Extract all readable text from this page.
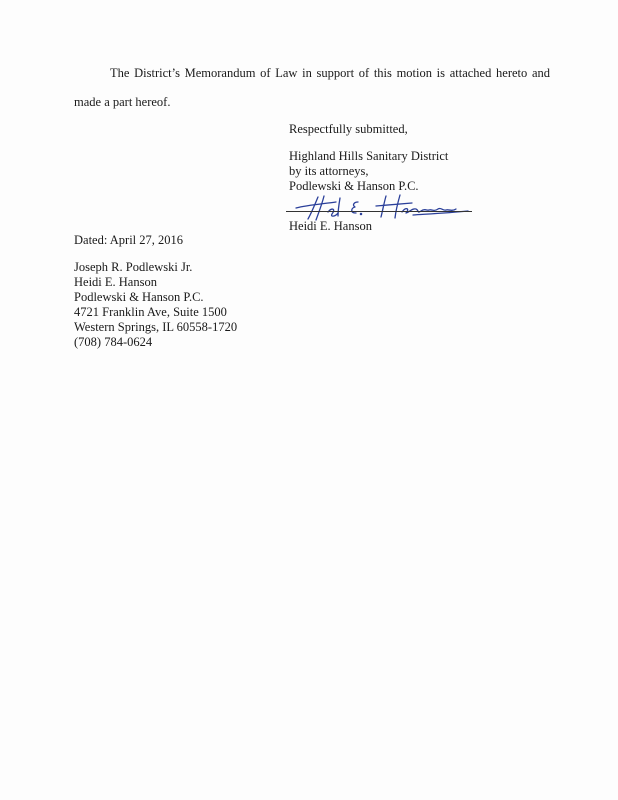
The District’s Memorandum of Law in support of this motion is attached hereto and
made a part hereof.
Respectfully submitted,
Highland Hills Sanitary District
by its attorneys,
Podlewski & Hanson P.C.
Heidi E. Hanson
Dated: April 27, 2016
Joseph R. Podlewski Jr.
Heidi E. Hanson
Podlewski & Hanson P.C.
4721 Franklin Ave, Suite 1500
Western Springs, IL 60558-1720
(708) 784-0624
